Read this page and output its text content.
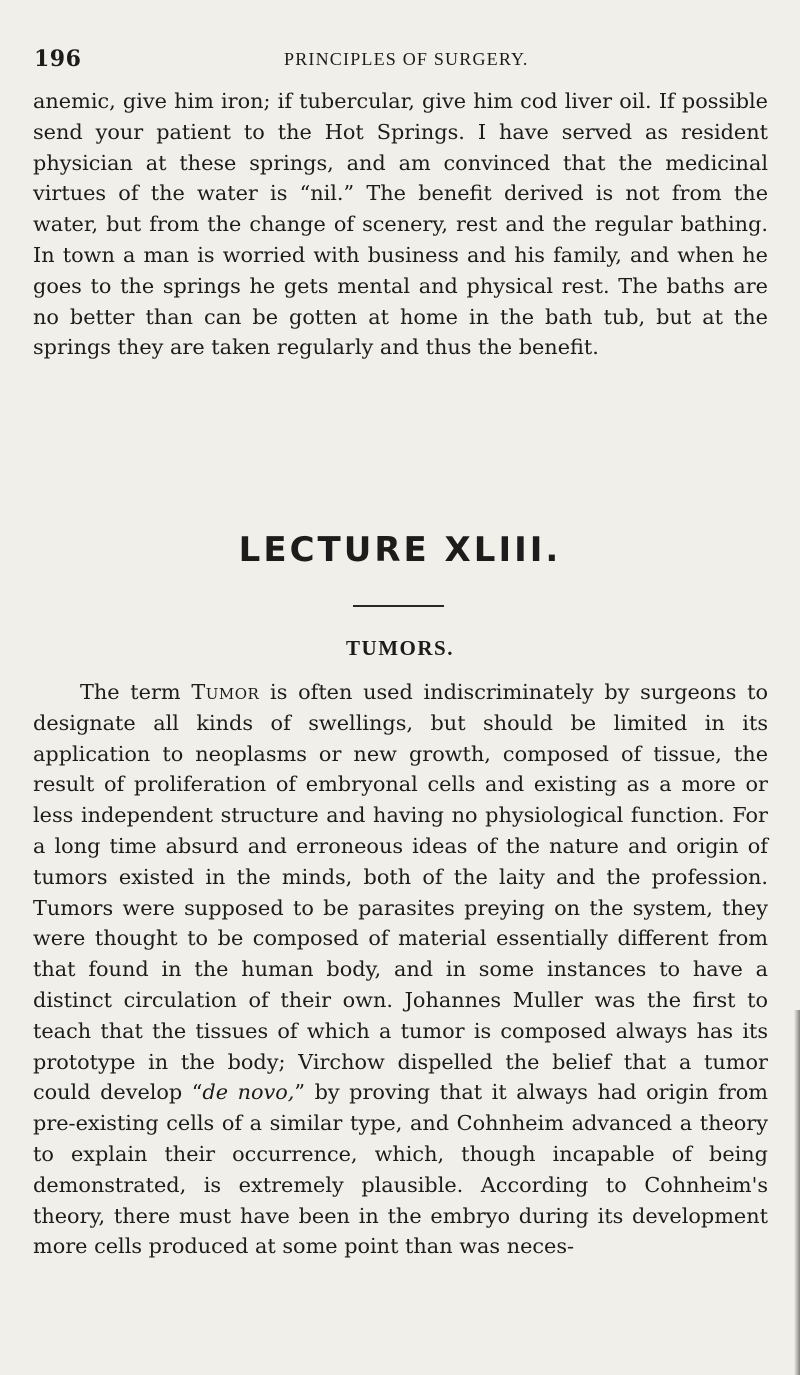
196	PRINCIPLES OF SURGERY.

anemic, give him iron; if tubercular, give him cod liver oil. If possible send your patient to the Hot Springs. I have served as resident physician at these springs, and am convinced that the medicinal virtues of the water is “nil.” The benefit derived is not from the water, but from the change of scenery, rest and the regular bathing. In town a man is worried with business and his family, and when he goes to the springs he gets mental and physical rest. The baths are no better than can be gotten at home in the bath tub, but at the springs they are taken regularly and thus the benefit.

LECTURE XLIII.
TUMORS.

The term Tumor is often used indiscriminately by surgeons to designate all kinds of swellings, but should be limited in its application to neoplasms or new growth, composed of tissue, the result of proliferation of embryonal cells and existing as a more or less independent structure and having no physiological function. For a long time absurd and erroneous ideas of the nature and origin of tumors existed in the minds, both of the laity and the profession. Tumors were supposed to be parasites preying on the system, they were thought to be composed of material essentially different from that found in the human body, and in some instances to have a distinct circulation of their own. Johannes Muller was the first to teach that the tissues of which a tumor is composed always has its prototype in the body; Virchow dispelled the belief that a tumor could develop “de novo,” by proving that it always had origin from pre-existing cells of a similar type, and Cohnheim advanced a theory to explain their occurrence, which, though incapable of being demonstrated, is extremely plausible. According to Cohnheim's theory, there must have been in the embryo during its development more cells produced at some point than was neces-
